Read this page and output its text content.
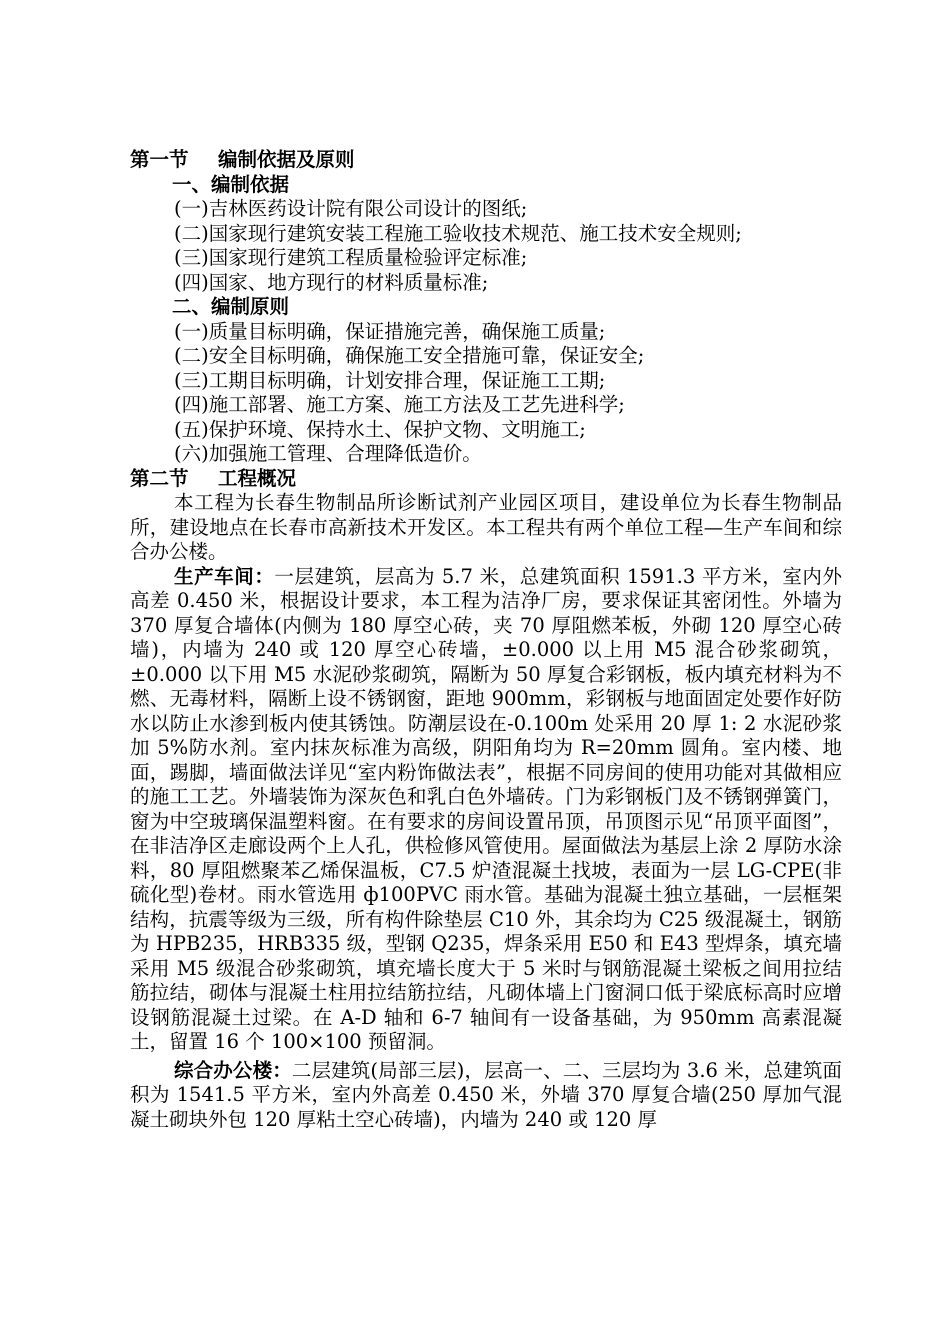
第一节 编制依据及原则
一、编制依据
(一)吉林医药设计院有限公司设计的图纸;
(二)国家现行建筑安装工程施工验收技术规范、施工技术安全规则;
(三)国家现行建筑工程质量检验评定标准;
(四)国家、地方现行的材料质量标准;
二、编制原则
(一)质量目标明确，保证措施完善，确保施工质量;
(二)安全目标明确，确保施工安全措施可靠，保证安全;
(三)工期目标明确，计划安排合理，保证施工工期;
(四)施工部署、施工方案、施工方法及工艺先进科学;
(五)保护环境、保持水土、保护文物、文明施工;
(六)加强施工管理、合理降低造价。
第二节 工程概况

本工程为长春生物制品所诊断试剂产业园区项目，建设单位为长春生物制品所，建设地点在长春市高新技术开发区。本工程共有两个单位工程—生产车间和综合办公楼。

生产车间：一层建筑，层高为 5.7 米，总建筑面积 1591.3 平方米，室内外高差 0.450 米，根据设计要求，本工程为洁净厂房，要求保证其密闭性。外墙为 370 厚复合墙体(内侧为 180 厚空心砖，夹 70 厚阻燃苯板，外砌 120 厚空心砖墙)，内墙为 240 或 120 厚空心砖墙，±0.000 以上用 M5 混合砂浆砌筑，±0.000 以下用 M5 水泥砂浆砌筑，隔断为 50 厚复合彩钢板，板内填充材料为不燃、无毒材料，隔断上设不锈钢窗，距地 900mm，彩钢板与地面固定处要作好防水以防止水渗到板内使其锈蚀。防潮层设在-0.100m 处采用 20 厚 1: 2 水泥砂浆加 5%防水剂。室内抹灰标准为高级，阴阳角均为 R=20mm 圆角。室内楼、地面，踢脚，墙面做法详见“室内粉饰做法表”，根据不同房间的使用功能对其做相应的施工工艺。外墙装饰为深灰色和乳白色外墙砖。门为彩钢板门及不锈钢弹簧门，窗为中空玻璃保温塑料窗。在有要求的房间设置吊顶，吊顶图示见“吊顶平面图”，在非洁净区走廊设两个上人孔，供检修风管使用。屋面做法为基层上涂 2 厚防水涂料，80 厚阻燃聚苯乙烯保温板，C7.5 炉渣混凝土找坡，表面为一层 LG-CPE(非硫化型)卷材。雨水管选用 ф100PVC 雨水管。基础为混凝土独立基础，一层框架结构，抗震等级为三级，所有构件除垫层 C10 外，其余均为 C25 级混凝土，钢筋为 HPB235，HRB335 级，型钢 Q235，焊条采用 E50 和 E43 型焊条，填充墙采用 M5 级混合砂浆砌筑，填充墙长度大于 5 米时与钢筋混凝土梁板之间用拉结筋拉结，砌体与混凝土柱用拉结筋拉结，凡砌体墙上门窗洞口低于梁底标高时应增设钢筋混凝土过梁。在 A-D 轴和 6-7 轴间有一设备基础，为 950mm 高素混凝土，留置 16 个 100×100 预留洞。

综合办公楼：二层建筑(局部三层)，层高一、二、三层均为 3.6 米，总建筑面积为 1541.5 平方米，室内外高差 0.450 米，外墙 370 厚复合墙(250 厚加气混凝土砌块外包 120 厚粘土空心砖墙)，内墙为 240 或 120 厚
